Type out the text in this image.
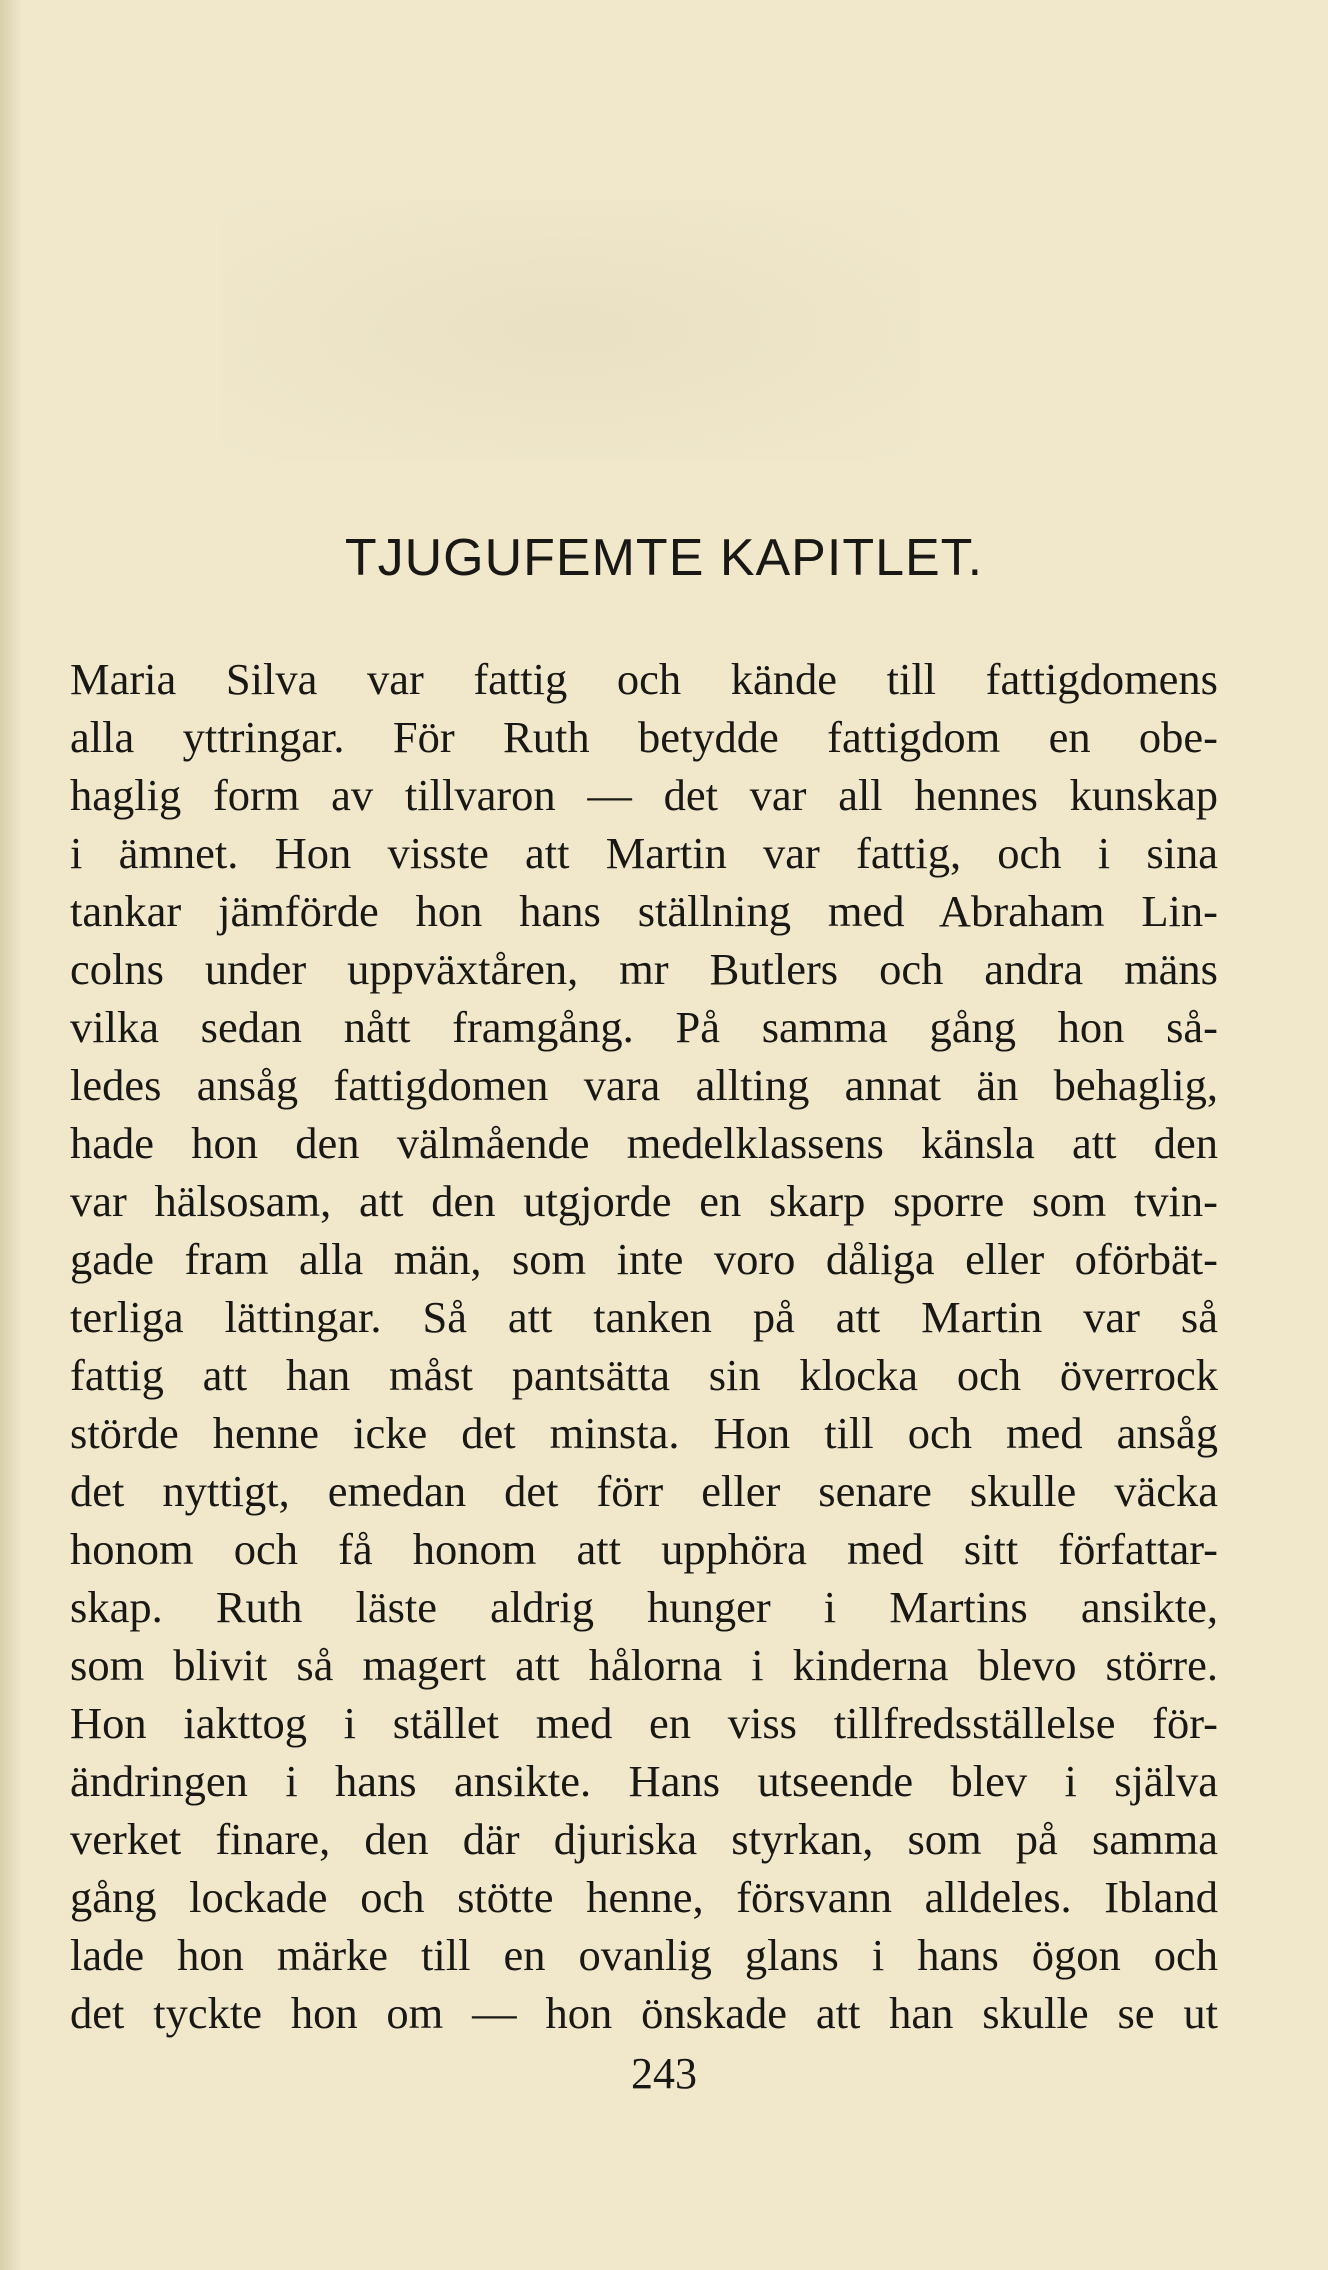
TJUGUFEMTE KAPITLET.
Maria Silva var fattig och kände till fattigdomens
alla yttringar. För Ruth betydde fattigdom en obe-
haglig form av tillvaron — det var all hennes kunskap
i ämnet. Hon visste att Martin var fattig, och i sina
tankar jämförde hon hans ställning med Abraham Lin-
colns under uppväxtåren, mr Butlers och andra mäns
vilka sedan nått framgång. På samma gång hon så-
ledes ansåg fattigdomen vara allting annat än behaglig,
hade hon den välmående medelklassens känsla att den
var hälsosam, att den utgjorde en skarp sporre som tvin-
gade fram alla män, som inte voro dåliga eller oförbät-
terliga lättingar. Så att tanken på att Martin var så
fattig att han måst pantsätta sin klocka och överrock
störde henne icke det minsta. Hon till och med ansåg
det nyttigt, emedan det förr eller senare skulle väcka
honom och få honom att upphöra med sitt författar-
skap. Ruth läste aldrig hunger i Martins ansikte,
som blivit så magert att hålorna i kinderna blevo större.
Hon iakttog i stället med en viss tillfredsställelse för-
ändringen i hans ansikte. Hans utseende blev i själva
verket finare, den där djuriska styrkan, som på samma
gång lockade och stötte henne, försvann alldeles. Ibland
lade hon märke till en ovanlig glans i hans ögon och
det tyckte hon om — hon önskade att han skulle se ut
243
